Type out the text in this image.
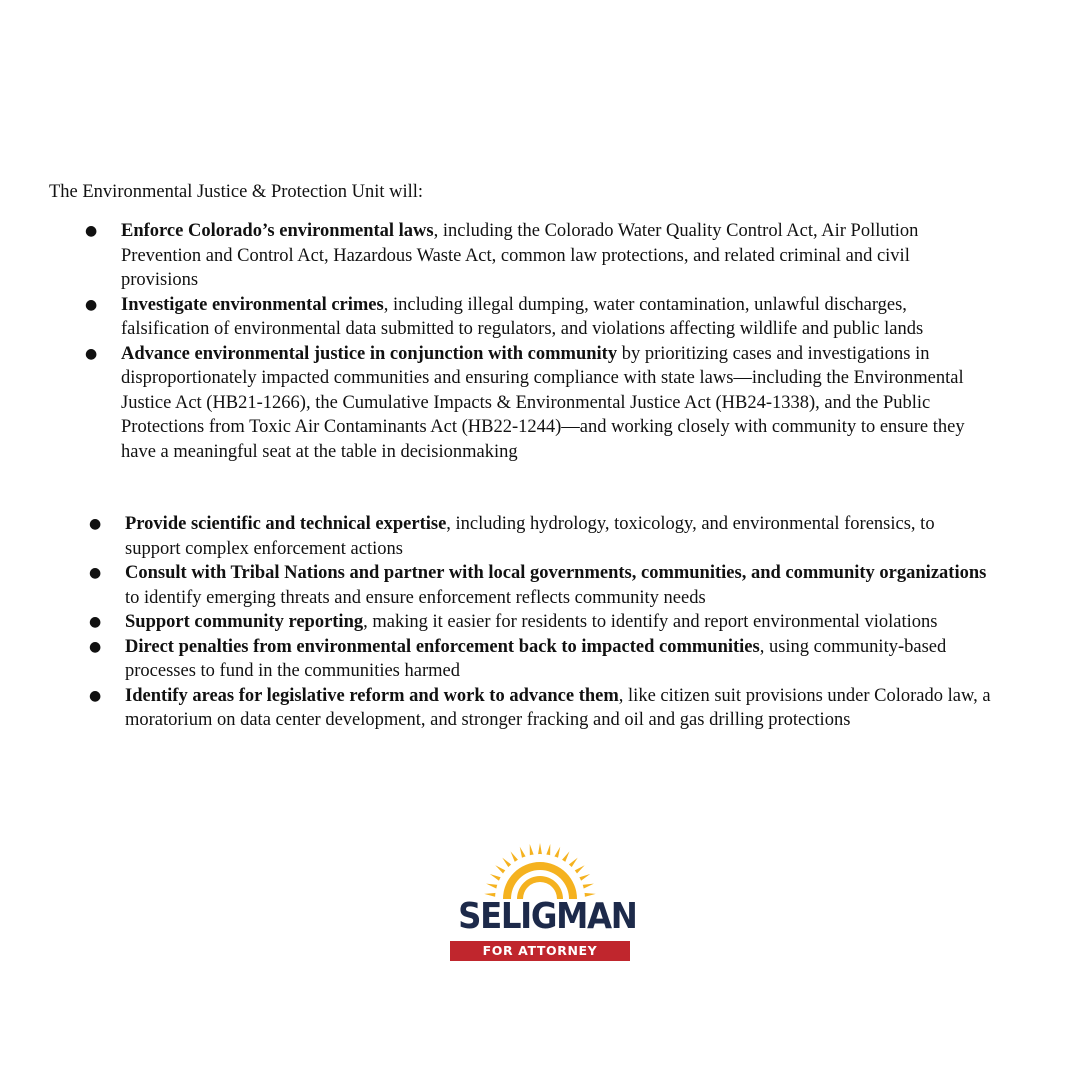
The Environmental Justice & Protection Unit will:

● Enforce Colorado’s environmental laws, including the Colorado Water Quality Control Act, Air Pollution Prevention and Control Act, Hazardous Waste Act, common law protections, and related criminal and civil provisions
● Investigate environmental crimes, including illegal dumping, water contamination, unlawful discharges, falsification of environmental data submitted to regulators, and violations affecting wildlife and public lands
● Advance environmental justice in conjunction with community by prioritizing cases and investigations in disproportionately impacted communities and ensuring compliance with state laws—including the Environmental Justice Act (HB21-1266), the Cumulative Impacts & Environmental Justice Act (HB24-1338), and the Public Protections from Toxic Air Contaminants Act (HB22-1244)—and working closely with community to ensure they have a meaningful seat at the table in decisionmaking
● Provide scientific and technical expertise, including hydrology, toxicology, and environmental forensics, to support complex enforcement actions
● Consult with Tribal Nations and partner with local governments, communities, and community organizations to identify emerging threats and ensure enforcement reflects community needs
● Support community reporting, making it easier for residents to identify and report environmental violations
● Direct penalties from environmental enforcement back to impacted communities, using community-based processes to fund in the communities harmed
● Identify areas for legislative reform and work to advance them, like citizen suit provisions under Colorado law, a moratorium on data center development, and stronger fracking and oil and gas drilling protections
SELIGMAN
FOR ATTORNEY GENERAL
